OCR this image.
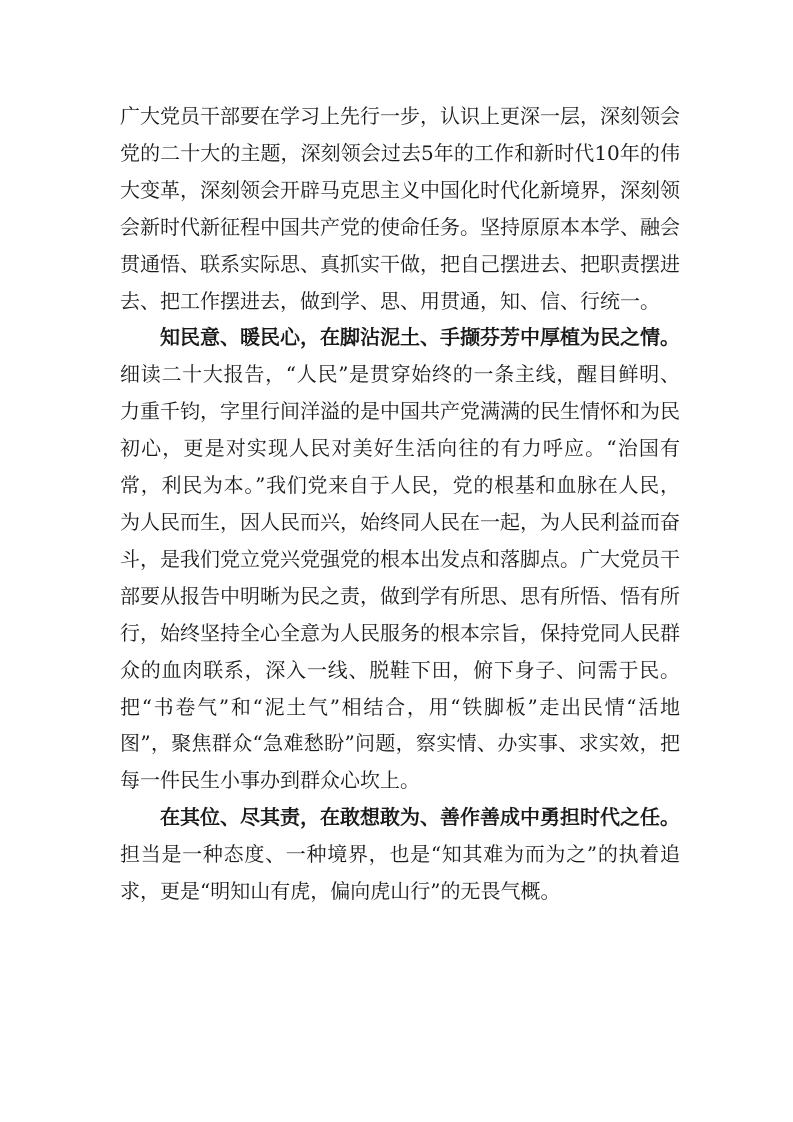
广大党员干部要在学习上先行一步，认识上更深一层，深刻领会党的二十大的主题，深刻领会过去5年的工作和新时代10年的伟大变革，深刻领会开辟马克思主义中国化时代化新境界，深刻领会新时代新征程中国共产党的使命任务。坚持原原本本学、融会贯通悟、联系实际思、真抓实干做，把自己摆进去、把职责摆进去、把工作摆进去，做到学、思、用贯通，知、信、行统一。

知民意、暖民心，在脚沾泥土、手撷芬芳中厚植为民之情。细读二十大报告，“人民”是贯穿始终的一条主线，醒目鲜明、力重千钧，字里行间洋溢的是中国共产党满满的民生情怀和为民初心，更是对实现人民对美好生活向往的有力呼应。“治国有常，利民为本。”我们党来自于人民，党的根基和血脉在人民，为人民而生，因人民而兴，始终同人民在一起，为人民利益而奋斗，是我们党立党兴党强党的根本出发点和落脚点。广大党员干部要从报告中明晰为民之责，做到学有所思、思有所悟、悟有所行，始终坚持全心全意为人民服务的根本宗旨，保持党同人民群众的血肉联系，深入一线、脱鞋下田，俯下身子、问需于民。把“书卷气”和“泥土气”相结合，用“铁脚板”走出民情“活地图”，聚焦群众“急难愁盼”问题，察实情、办实事、求实效，把每一件民生小事办到群众心坎上。

在其位、尽其责，在敢想敢为、善作善成中勇担时代之任。担当是一种态度、一种境界，也是“知其难为而为之”的执着追求，更是“明知山有虎，偏向虎山行”的无畏气概。
